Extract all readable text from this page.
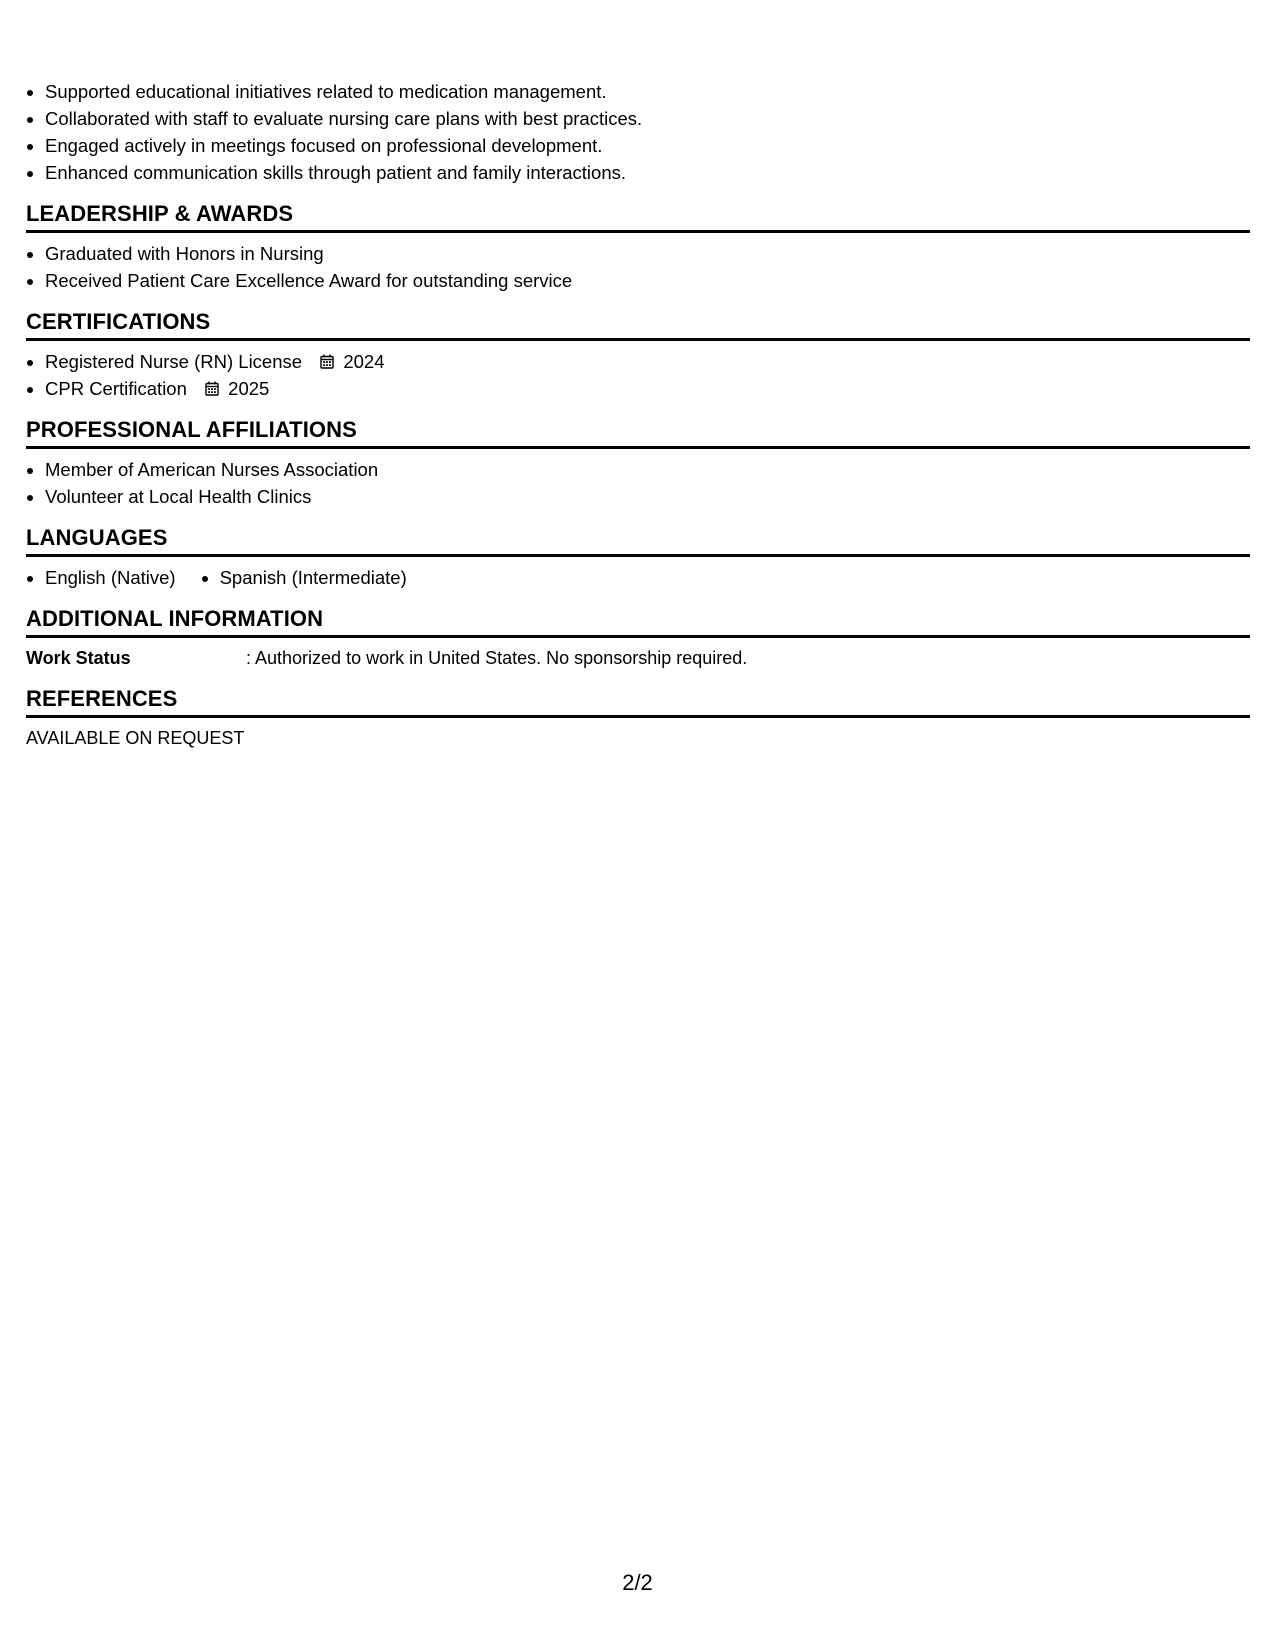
• Supported educational initiatives related to medication management.
• Collaborated with staff to evaluate nursing care plans with best practices.
• Engaged actively in meetings focused on professional development.
• Enhanced communication skills through patient and family interactions.
LEADERSHIP & AWARDS
• Graduated with Honors in Nursing
• Received Patient Care Excellence Award for outstanding service
CERTIFICATIONS
• Registered Nurse (RN) License 2024
• CPR Certification 2025
PROFESSIONAL AFFILIATIONS
• Member of American Nurses Association
• Volunteer at Local Health Clinics
LANGUAGES
• English (Native)
• Spanish (Intermediate)
ADDITIONAL INFORMATION
Work Status	: Authorized to work in United States. No sponsorship required.
REFERENCES
AVAILABLE ON REQUEST
2/2
